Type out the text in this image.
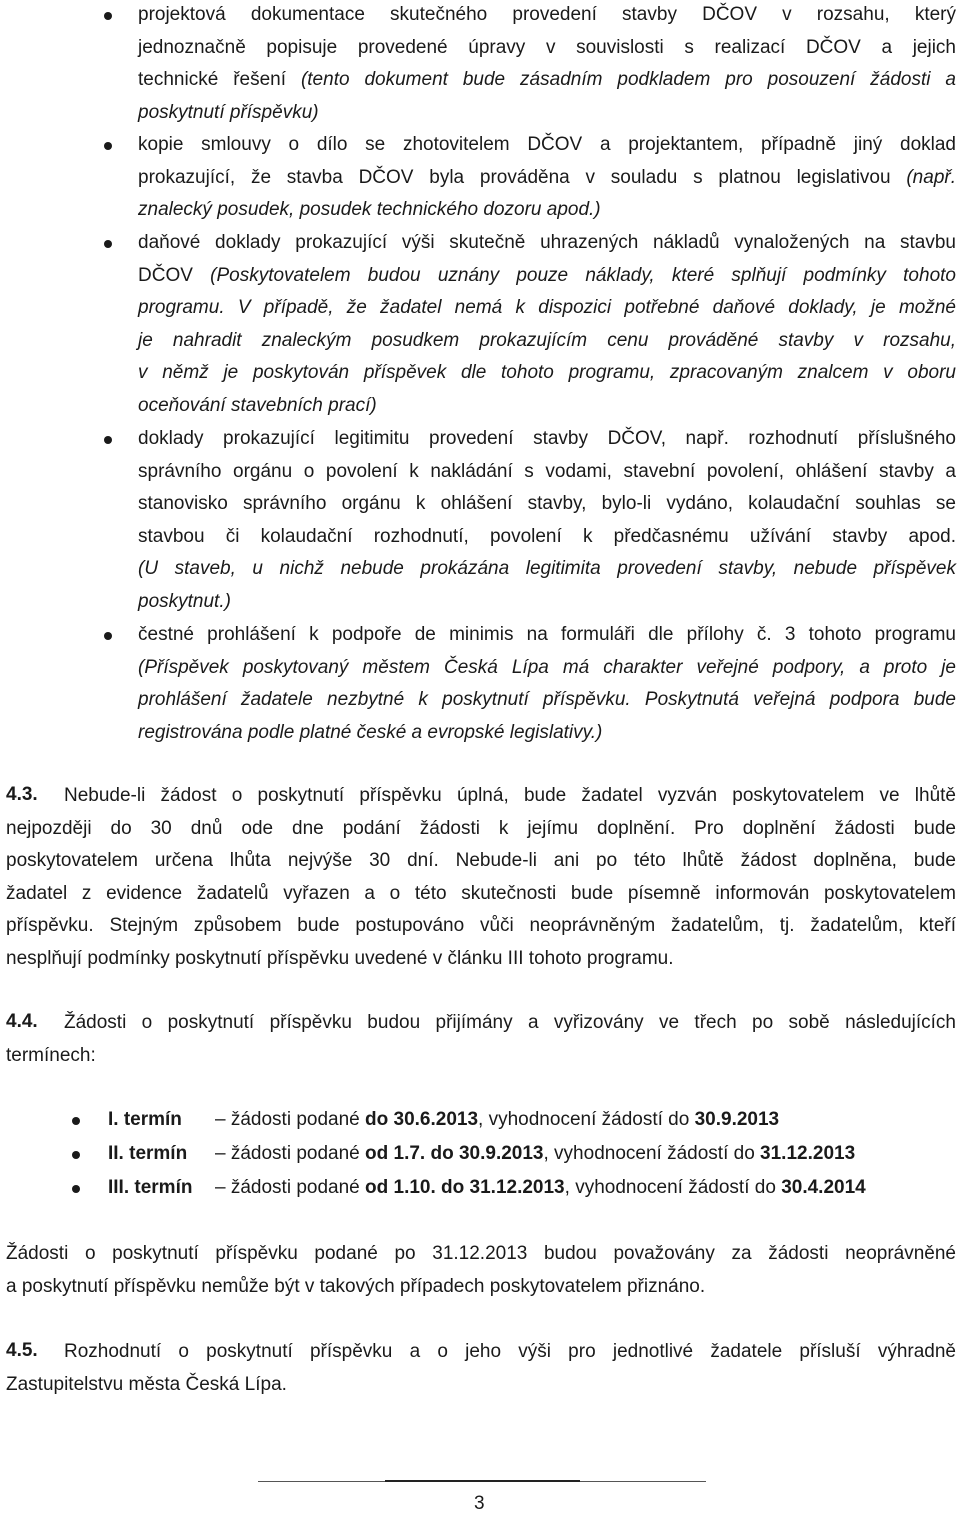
projektová dokumentace skutečného provedení stavby DČOV v rozsahu, který
jednoznačně popisuje provedené úpravy v souvislosti s realizací DČOV a jejich
technické řešení (tento dokument bude zásadním podkladem pro posouzení žádosti a
poskytnutí příspěvku)
kopie smlouvy o dílo se zhotovitelem DČOV a projektantem, případně jiný doklad
prokazující, že stavba DČOV byla prováděna v souladu s platnou legislativou (např.
znalecký posudek, posudek technického dozoru apod.)
daňové doklady prokazující výši skutečně uhrazených nákladů vynaložených na stavbu
DČOV (Poskytovatelem budou uznány pouze náklady, které splňují podmínky tohoto
programu. V případě, že žadatel nemá k dispozici potřebné daňové doklady, je možné
je nahradit znaleckým posudkem prokazujícím cenu prováděné stavby v rozsahu,
v němž je poskytován příspěvek dle tohoto programu, zpracovaným znalcem v oboru
oceňování stavebních prací)
doklady prokazující legitimitu provedení stavby DČOV, např. rozhodnutí příslušného
správního orgánu o povolení k nakládání s vodami, stavební povolení, ohlášení stavby a
stanovisko správního orgánu k ohlášení stavby, bylo-li vydáno, kolaudační souhlas se
stavbou či kolaudační rozhodnutí, povolení k předčasnému užívání stavby apod.
(U staveb, u nichž nebude prokázána legitimita provedení stavby, nebude příspěvek
poskytnut.)
čestné prohlášení k podpoře de minimis na formuláři dle přílohy č. 3 tohoto programu
(Příspěvek poskytovaný městem Česká Lípa má charakter veřejné podpory, a proto je
prohlášení žadatele nezbytné k poskytnutí příspěvku. Poskytnutá veřejná podpora bude
registrována podle platné české a evropské legislativy.)
4.3. Nebude-li žádost o poskytnutí příspěvku úplná, bude žadatel vyzván poskytovatelem ve lhůtě
nejpozději do 30 dnů ode dne podání žádosti k jejímu doplnění. Pro doplnění žádosti bude
poskytovatelem určena lhůta nejvýše 30 dní. Nebude-li ani po této lhůtě žádost doplněna, bude
žadatel z evidence žadatelů vyřazen a o této skutečnosti bude písemně informován poskytovatelem
příspěvku. Stejným způsobem bude postupováno vůči neoprávněným žadatelům, tj. žadatelům, kteří
nesplňují podmínky poskytnutí příspěvku uvedené v článku III tohoto programu.
4.4. Žádosti o poskytnutí příspěvku budou přijímány a vyřizovány ve třech po sobě následujících
termínech:
I. termín – žádosti podané do 30.6.2013, vyhodnocení žádostí do 30.9.2013
II. termín – žádosti podané od 1.7. do 30.9.2013, vyhodnocení žádostí do 31.12.2013
III. termín – žádosti podané od 1.10. do 31.12.2013, vyhodnocení žádostí do 30.4.2014
Žádosti o poskytnutí příspěvku podané po 31.12.2013 budou považovány za žádosti neoprávněné
a poskytnutí příspěvku nemůže být v takových případech poskytovatelem přiznáno.
4.5. Rozhodnutí o poskytnutí příspěvku a o jeho výši pro jednotlivé žadatele přísluší výhradně
Zastupitelstvu města Česká Lípa.
3
